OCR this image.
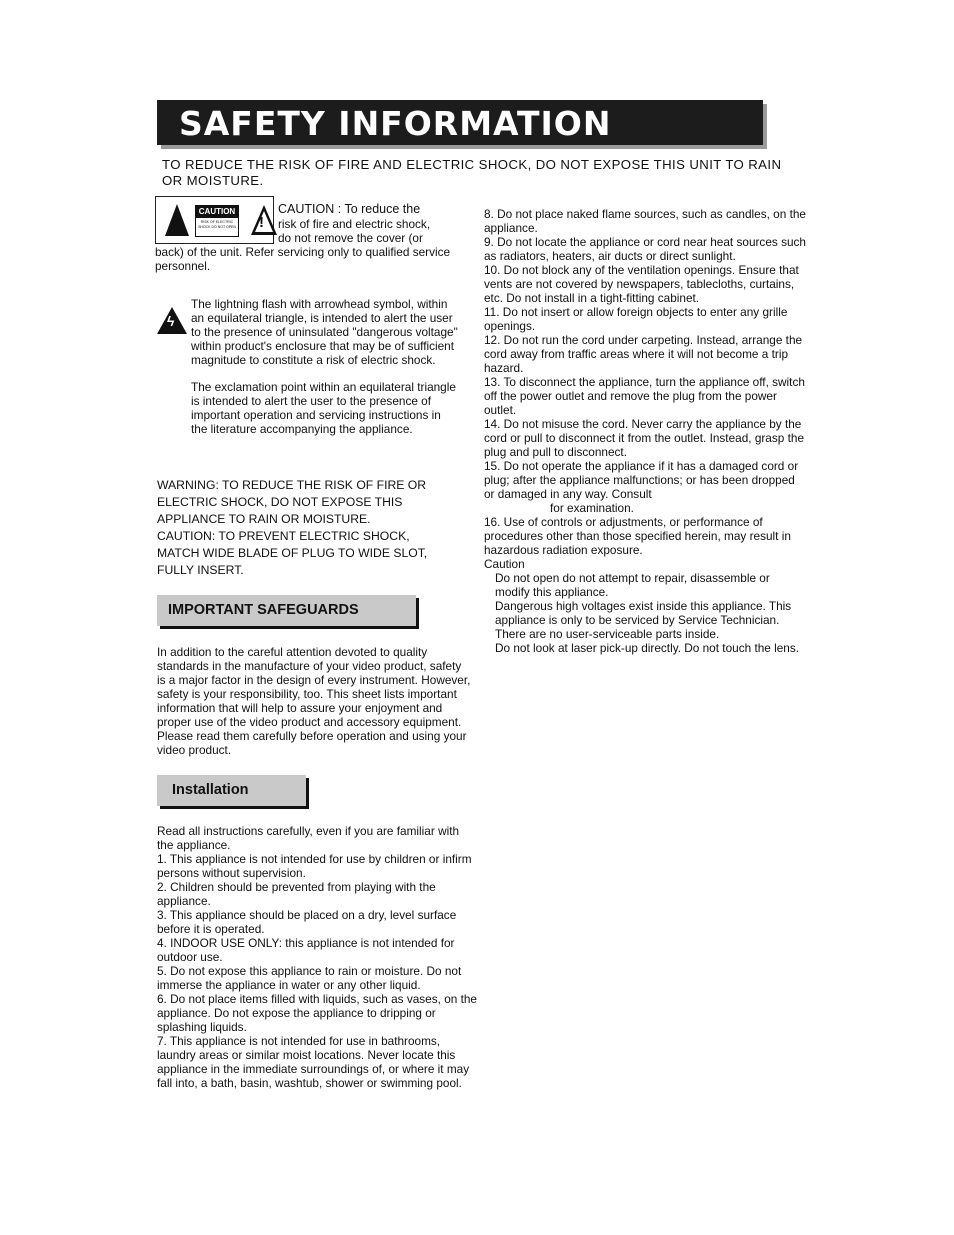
SAFETY INFORMATION
TO REDUCE THE RISK OF FIRE AND ELECTRIC SHOCK, DO NOT EXPOSE THIS UNIT TO RAIN OR MOISTURE.
CAUTION
RISK OF ELECTRIC SHOCK DO NOT OPEN !

CAUTION : To reduce the

risk of fire and electric shock,

do not remove the cover (or

back) of the unit. Refer servicing only to qualified service personnel.

ϟ

The lightning flash with arrowhead symbol, within an equilateral triangle, is intended to alert the user to the presence of uninsulated "dangerous voltage" within product's enclosure that may be of sufficient magnitude to constitute a risk of electric shock.

The exclamation point within an equilateral triangle is intended to alert the user to the presence of important operation and servicing instructions in the literature accompanying the appliance.

WARNING: TO REDUCE THE RISK OF FIRE OR
ELECTRIC SHOCK, DO NOT EXPOSE THIS
APPLIANCE TO RAIN OR MOISTURE.
CAUTION: TO PREVENT ELECTRIC SHOCK,
MATCH WIDE BLADE OF PLUG TO WIDE SLOT,
FULLY INSERT.
IMPORTANT SAFEGUARDS

In addition to the careful attention devoted to quality standards in the manufacture of your video product, safety is a major factor in the design of every instrument. However, safety is your responsibility, too. This sheet lists important information that will help to assure your enjoyment and proper use of the video product and accessory equipment. Please read them carefully before operation and using your video product.

Installation

Read all instructions carefully, even if you are familiar with the appliance.

1. This appliance is not intended for use by children or infirm persons without supervision.

2. Children should be prevented from playing with the appliance.

3. This appliance should be placed on a dry, level surface before it is operated.

4. INDOOR USE ONLY: this appliance is not intended for outdoor use.

5. Do not expose this appliance to rain or moisture. Do not immerse the appliance in water or any other liquid.

6. Do not place items filled with liquids, such as vases, on the appliance. Do not expose the appliance to dripping or splashing liquids.

7. This appliance is not intended for use in bathrooms, laundry areas or similar moist locations. Never locate this appliance in the immediate surroundings of, or where it may fall into, a bath, basin, washtub, shower or swimming pool.

8. Do not place naked flame sources, such as candles, on the appliance.

9. Do not locate the appliance or cord near heat sources such as radiators, heaters, air ducts or direct sunlight.

10. Do not block any of the ventilation openings. Ensure that vents are not covered by newspapers, tablecloths, curtains, etc. Do not install in a tight-fitting cabinet.

11. Do not insert or allow foreign objects to enter any grille openings.

12. Do not run the cord under carpeting. Instead, arrange the cord away from traffic areas where it will not become a trip hazard.

13. To disconnect the appliance, turn the appliance off, switch off the power outlet and remove the plug from the power outlet.

14. Do not misuse the cord. Never carry the appliance by the cord or pull to disconnect it from the outlet. Instead, grasp the plug and pull to disconnect.

15. Do not operate the appliance if it has a damaged cord or plug; after the appliance malfunctions; or has been dropped or damaged in any way. Consult

for examination.

16. Use of controls or adjustments, or performance of procedures other than those specified herein, may result in hazardous radiation exposure.

Caution

Do not open do not attempt to repair, disassemble or modify this appliance.

Dangerous high voltages exist inside this appliance. This appliance is only to be serviced by Service Technician. There are no user-serviceable parts inside.

Do not look at laser pick-up directly. Do not touch the lens.
